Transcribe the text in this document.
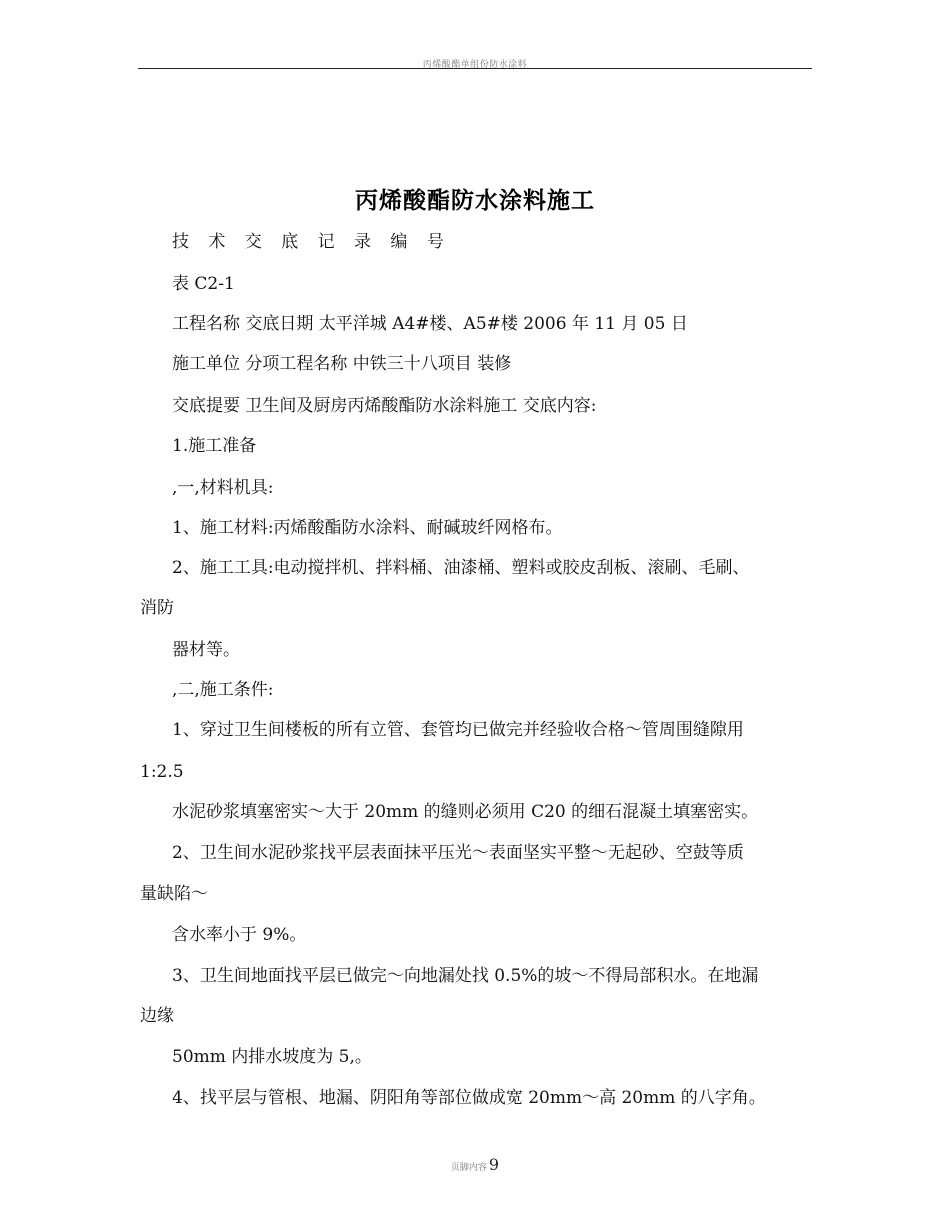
丙烯酸酯单组份防水涂料
丙烯酸酯防水涂料施工
技 术 交 底 记 录 编 号
表 C2-1
工程名称 交底日期 太平洋城 A4#楼、A5#楼 2006 年 11 月 05 日
施工单位 分项工程名称 中铁三十八项目 装修
交底提要 卫生间及厨房丙烯酸酯防水涂料施工 交底内容:
1.施工准备
,一,材料机具:
1、施工材料:丙烯酸酯防水涂料、耐碱玻纤网格布。
2、施工工具:电动搅拌机、拌料桶、油漆桶、塑料或胶皮刮板、滚刷、毛刷、
消防
器材等。
,二,施工条件:
1、穿过卫生间楼板的所有立管、套管均已做完并经验收合格～管周围缝隙用
1:2.5
水泥砂浆填塞密实～大于 20mm 的缝则必须用 C20 的细石混凝土填塞密实。
2、卫生间水泥砂浆找平层表面抹平压光～表面坚实平整～无起砂、空鼓等质
量缺陷～
含水率小于 9%。
3、卫生间地面找平层已做完～向地漏处找 0.5%的坡～不得局部积水。在地漏
边缘
50mm 内排水坡度为 5,。
4、找平层与管根、地漏、阴阳角等部位做成宽 20mm～高 20mm 的八字角。
页脚内容 9
